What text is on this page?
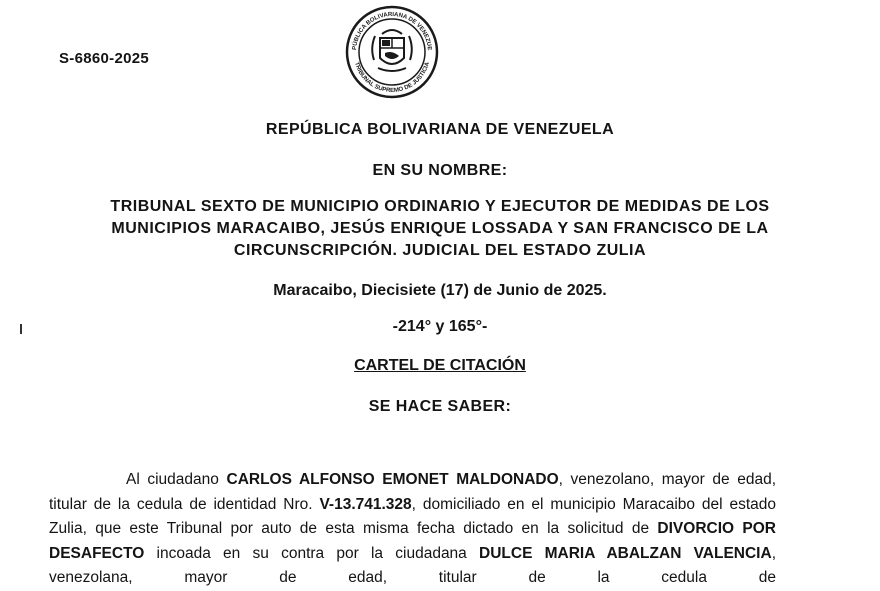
S-6860-2025
PÚBLICA BOLIVARIANA DE VENEZUE
TRIBUNAL SUPREMO DE JUSTICIA
REPÚBLICA BOLIVARIANA DE VENEZUELA
EN SU NOMBRE:
TRIBUNAL SEXTO DE MUNICIPIO ORDINARIO Y EJECUTOR DE MEDIDAS DE LOS
MUNICIPIOS MARACAIBO, JESÚS ENRIQUE LOSSADA Y SAN FRANCISCO DE LA
CIRCUNSCRIPCIÓN. JUDICIAL DEL ESTADO ZULIA
Maracaibo, Diecisiete (17) de Junio de 2025.
-214° y 165°-
CARTEL DE CITACIÓN
SE HACE SABER:

Al ciudadano CARLOS ALFONSO EMONET MALDONADO, venezolano, mayor de edad, titular de la cedula de identidad Nro. V-13.741.328, domiciliado en el municipio Maracaibo del estado Zulia, que este Tribunal por auto de esta misma fecha dictado en la solicitud de DIVORCIO POR DESAFECTO incoada en su contra por la ciudadana DULCE MARIA ABALZAN VALENCIA, venezolana, mayor de edad, titular de la cedula de
